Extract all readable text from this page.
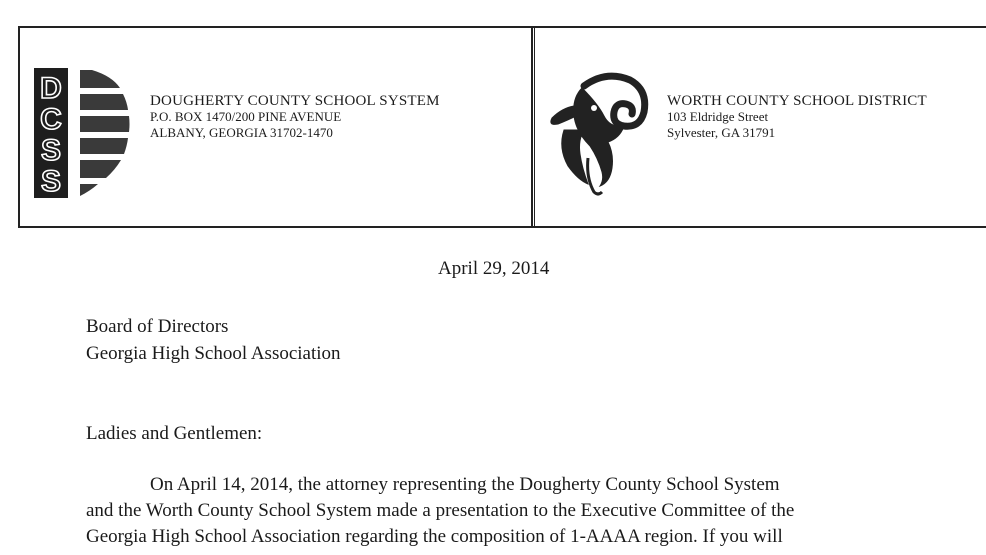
D
C
S
S
DOUGHERTY COUNTY SCHOOL SYSTEM
P.O. BOX 1470/200 PINE AVENUE
ALBANY, GEORGIA 31702-1470
WORTH COUNTY SCHOOL DISTRICT
103 Eldridge Street
Sylvester, GA 31791
April 29, 2014
Board of Directors
Georgia High School Association
Ladies and Gentlemen:
On April 14, 2014, the attorney representing the Dougherty County School System
and the Worth County School System made a presentation to the Executive Committee of the
Georgia High School Association regarding the composition of 1-AAAA region. If you will
